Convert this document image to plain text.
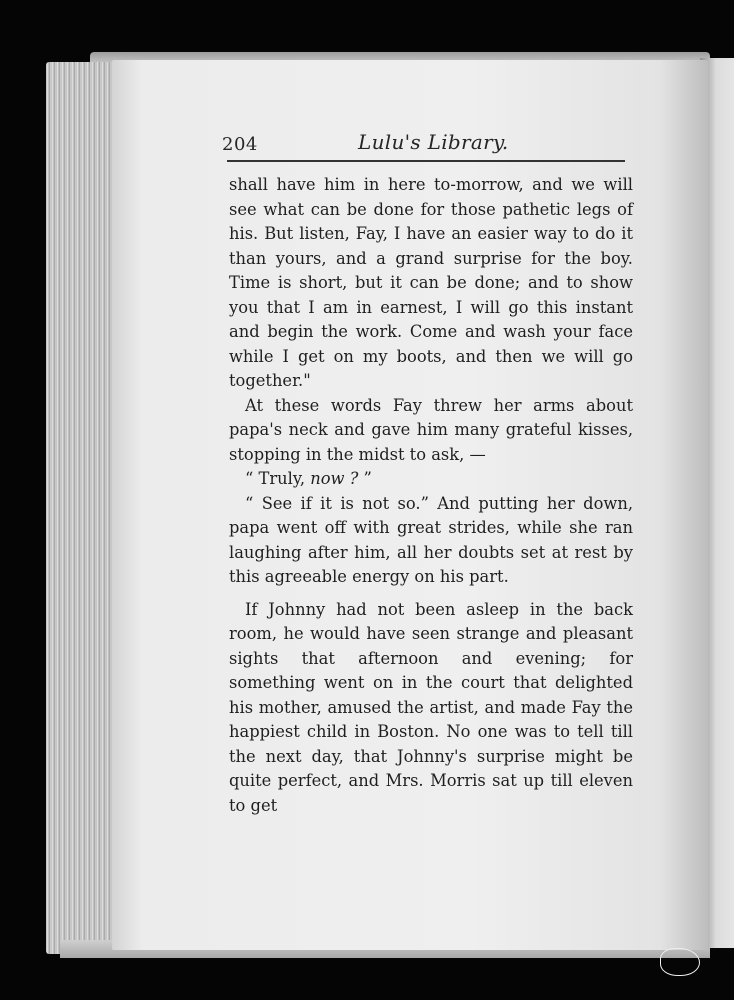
204	Lulu's Library.

shall have him in here to-morrow, and we will see what can be done for those pathetic legs of his. But listen, Fay, I have an easier way to do it than yours, and a grand surprise for the boy. Time is short, but it can be done; and to show you that I am in earnest, I will go this instant and begin the work. Come and wash your face while I get on my boots, and then we will go together."

At these words Fay threw her arms about papa's neck and gave him many grateful kisses, stopping in the midst to ask, —

“ Truly, now ? ”

“ See if it is not so.” And putting her down, papa went off with great strides, while she ran laughing after him, all her doubts set at rest by this agreeable energy on his part.

If Johnny had not been asleep in the back room, he would have seen strange and pleasant sights that afternoon and evening; for something went on in the court that delighted his mother, amused the artist, and made Fay the happiest child in Boston. No one was to tell till the next day, that Johnny's surprise might be quite perfect, and Mrs. Morris sat up till eleven to get
